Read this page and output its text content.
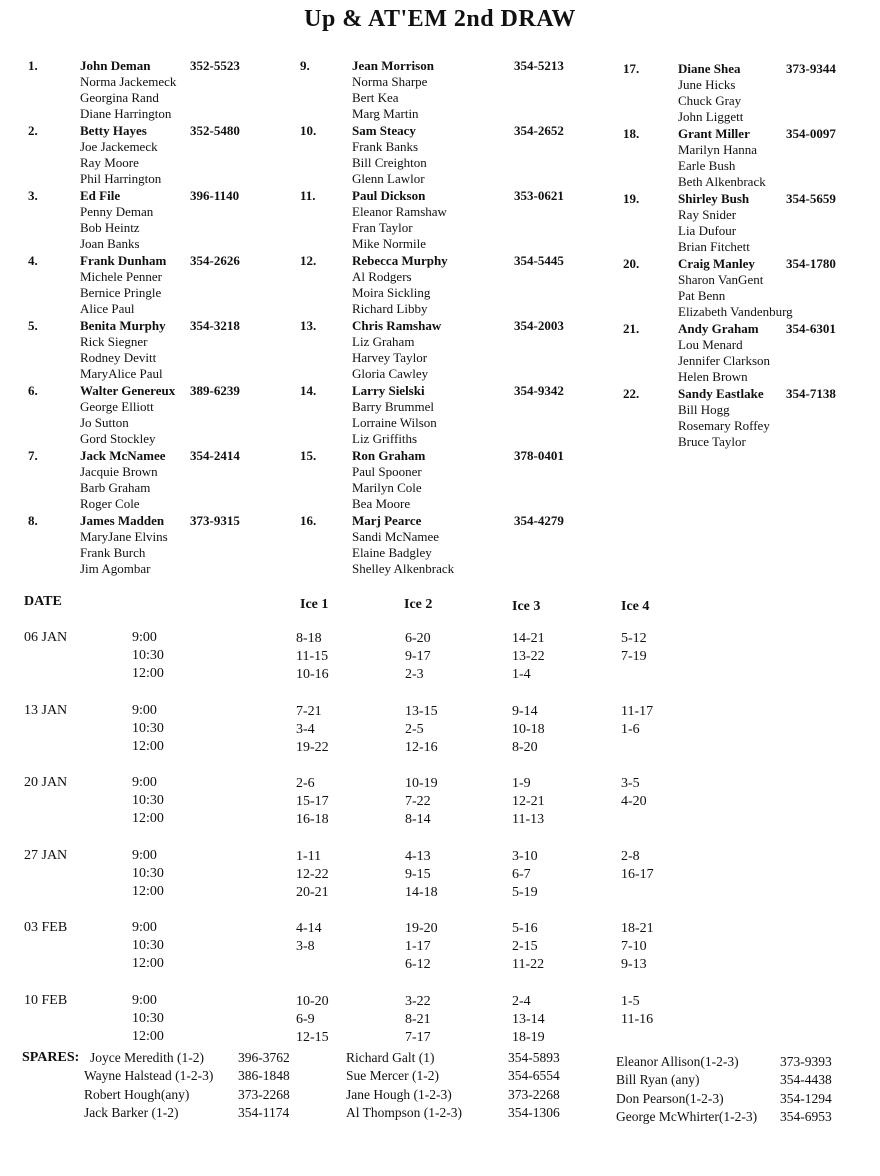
Up & AT'EM 2nd DRAW
1.	John Deman	352-5523
Norma Jackemeck
Georgina Rand
Diane Harrington
2.	Betty Hayes	352-5480
Joe Jackemeck
Ray Moore
Phil Harrington
3.	Ed File	396-1140
Penny Deman
Bob Heintz
Joan Banks
4.	Frank Dunham 354-2626
Michele Penner
Bernice Pringle
Alice Paul
5.	Benita Murphy 354-3218
Rick Siegner
Rodney Devitt
MaryAlice Paul
6.	Walter Genereux 389-6239
George Elliott
Jo Sutton
Gord Stockley
7.	Jack McNamee 354-2414
Jacquie Brown
Barb Graham
Roger Cole
8.	James Madden 373-9315
MaryJane Elvins
Frank Burch
Jim Agombar
9.	Jean Morrison	354-5213
Norma Sharpe
Bert Kea
Marg Martin
10.	Sam Steacy	354-2652
Frank Banks
Bill Creighton
Glenn Lawlor
11.	Paul Dickson	353-0621
Eleanor Ramshaw
Fran Taylor
Mike Normile
12.	Rebecca Murphy	354-5445
Al Rodgers
Moira Sickling
Richard Libby
13.	Chris Ramshaw	354-2003
Liz Graham
Harvey Taylor
Gloria Cawley
14.	Larry Sielski	354-9342
Barry Brummel
Lorraine Wilson
Liz Griffiths
15.	Ron Graham	378-0401
Paul Spooner
Marilyn Cole
Bea Moore
16.	Marj Pearce	354-4279
Sandi McNamee
Elaine Badgley
Shelley Alkenbrack
17.	Diane Shea	373-9344
June Hicks
Chuck Gray
John Liggett
18.	Grant Miller	354-0097
Marilyn Hanna
Earle Bush
Beth Alkenbrack
19.	Shirley Bush	354-5659
Ray Snider
Lia Dufour
Brian Fitchett
20.	Craig Manley 354-1780
Sharon VanGent
Pat Benn
Elizabeth Vandenburg
21.	Andy Graham 354-6301
Lou Menard
Jennifer Clarkson
Helen Brown
22.	Sandy Eastlake 354-7138
Bill Hogg
Rosemary Roffey
Bruce Taylor
DATE	Ice 1	Ice 2	Ice 3	Ice 4
06 JAN	9:00	8-18	6-20	14-21	5-12
10:30	11-15	9-17	13-22	7-19
12:00	10-16	2-3	1-4
13 JAN	9:00	7-21	13-15	9-14	11-17
10:30	3-4	2-5	10-18	1-6
12:00	19-22	12-16	8-20
20 JAN	9:00	2-6	10-19	1-9	3-5
10:30	15-17	7-22	12-21	4-20
12:00	16-18	8-14	11-13
27 JAN	9:00	1-11	4-13	3-10	2-8
10:30	12-22	9-15	6-7	16-17
12:00	20-21	14-18	5-19
03 FEB	9:00	4-14	19-20	5-16	18-21
10:30	3-8	1-17	2-15	7-10
12:00	6-12	11-22	9-13
10 FEB	9:00	10-20	3-22	2-4	1-5
10:30	6-9	8-21	13-14	11-16
12:00	12-15	7-17	18-19
SPARES: Joyce Meredith (1-2)	396-3762
Wayne Halstead (1-2-3) 386-1848
Robert Hough(any)	373-2268
Jack Barker (1-2)	354-1174
Richard Galt (1)	354-5893
Sue Mercer (1-2)	354-6554
Jane Hough (1-2-3)	373-2268
Al Thompson (1-2-3)	354-1306
Eleanor Allison(1-2-3)	373-9393
Bill Ryan (any)	354-4438
Don Pearson(1-2-3)	354-1294
George McWhirter(1-2-3) 354-6953
